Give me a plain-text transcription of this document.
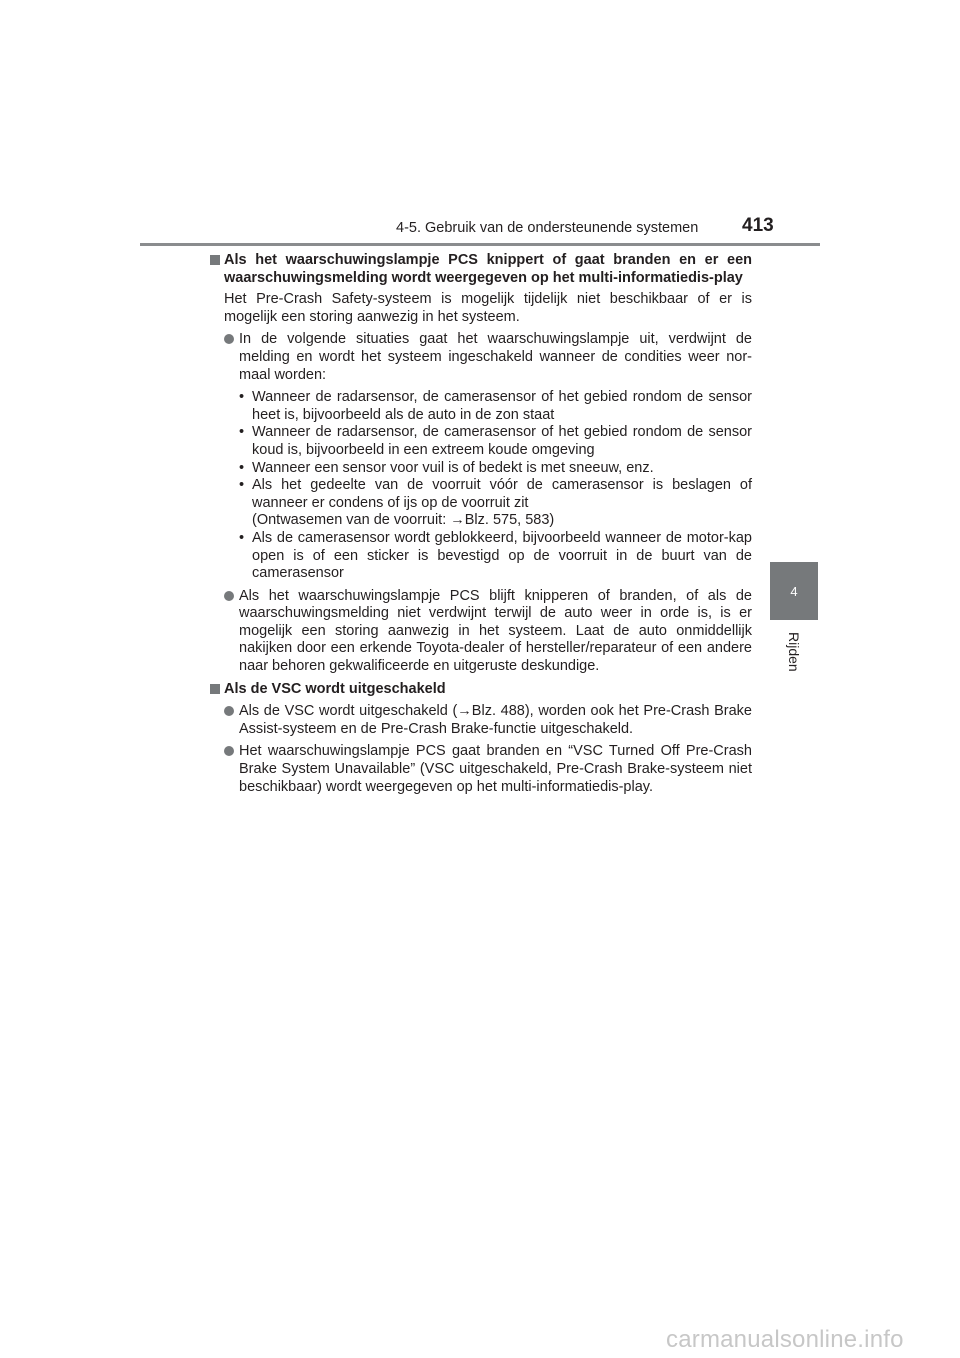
4-5. Gebruik van de ondersteunende systemen 413
4
Rijden

Als het waarschuwingslampje PCS knippert of gaat branden en er een waarschuwingsmelding wordt weergegeven op het multi-informatiedis-play

Het Pre-Crash Safety-systeem is mogelijk tijdelijk niet beschikbaar of er is mogelijk een storing aanwezig in het systeem.

In de volgende situaties gaat het waarschuwingslampje uit, verdwijnt de melding en wordt het systeem ingeschakeld wanneer de condities weer nor-maal worden:
• Wanneer de radarsensor, de camerasensor of het gebied rondom de sensor heet is, bijvoorbeeld als de auto in de zon staat
• Wanneer de radarsensor, de camerasensor of het gebied rondom de sensor koud is, bijvoorbeeld in een extreem koude omgeving
• Wanneer een sensor voor vuil is of bedekt is met sneeuw, enz.
• Als het gedeelte van de voorruit vóór de camerasensor is beslagen of wanneer er condens of ijs op de voorruit zit
(Ontwasemen van de voorruit: →Blz. 575, 583)
• Als de camerasensor wordt geblokkeerd, bijvoorbeeld wanneer de motor-kap open is of een sticker is bevestigd op de voorruit in de buurt van de camerasensor
Als het waarschuwingslampje PCS blijft knipperen of branden, of als de waarschuwingsmelding niet verdwijnt terwijl de auto weer in orde is, is er mogelijk een storing aanwezig in het systeem. Laat de auto onmiddellijk nakijken door een erkende Toyota-dealer of hersteller/reparateur of een andere naar behoren gekwalificeerde en uitgeruste deskundige.

Als de VSC wordt uitgeschakeld

Als de VSC wordt uitgeschakeld (→Blz. 488), worden ook het Pre-Crash Brake Assist-systeem en de Pre-Crash Brake-functie uitgeschakeld.
Het waarschuwingslampje PCS gaat branden en “VSC Turned Off Pre-Crash Brake System Unavailable” (VSC uitgeschakeld, Pre-Crash Brake-systeem niet beschikbaar) wordt weergegeven op het multi-informatiedis-play.
carmanualsonline.info
